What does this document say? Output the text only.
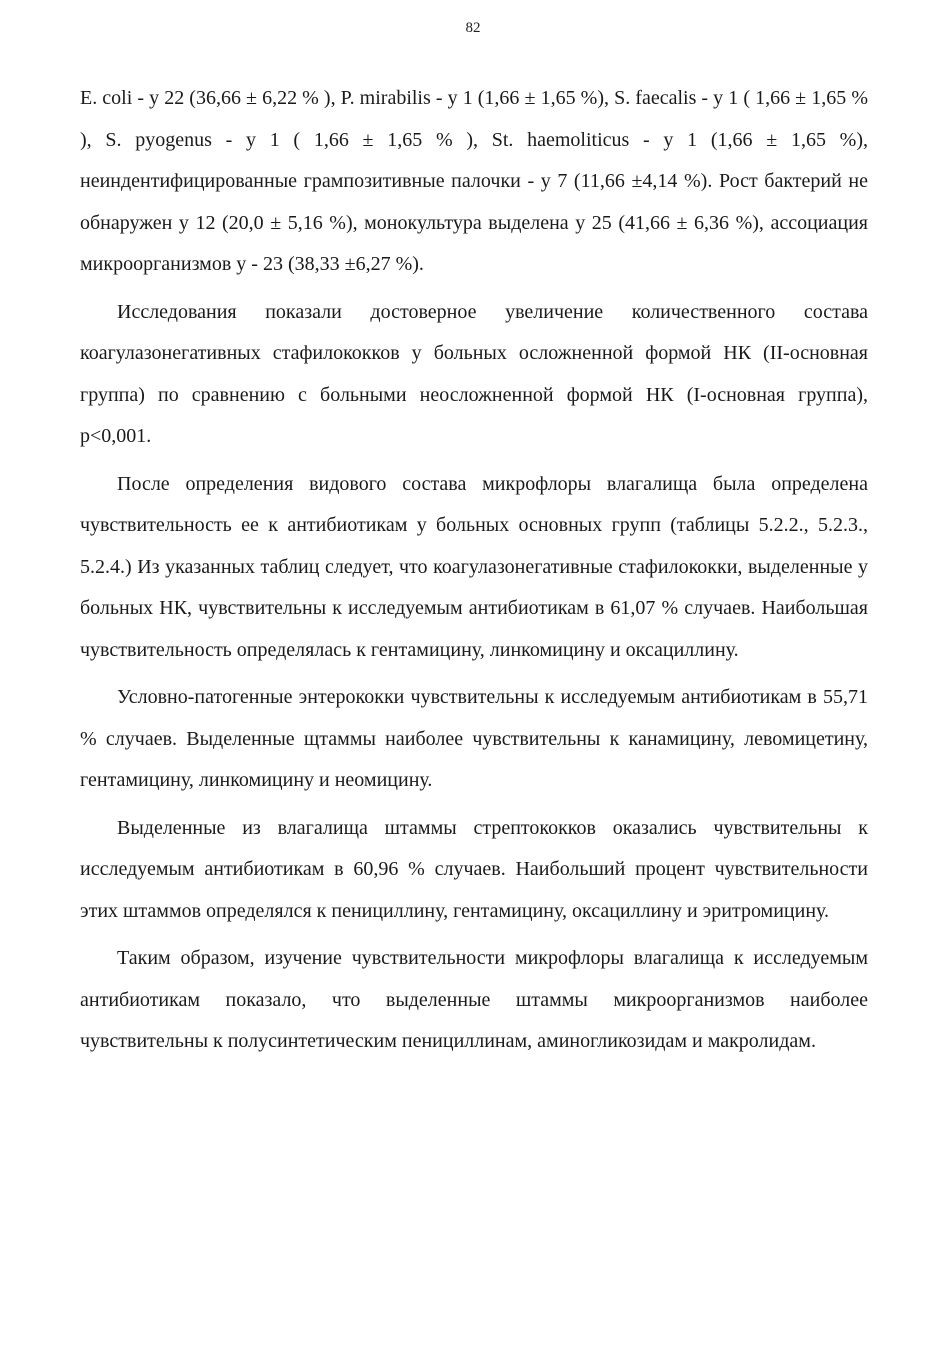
82

E. coli - у 22 (36,66 ± 6,22 % ), P. mirabilis - у 1 (1,66 ± 1,65 %), S. faecalis - у 1 ( 1,66 ± 1,65 % ), S. pyogenus - у 1 ( 1,66 ± 1,65 % ), St. haemoliticus - у 1 (1,66 ± 1,65 %), неиндентифицированные грампозитивные палочки - у 7 (11,66 ±4,14 %). Рост бактерий не обнаружен у 12 (20,0 ± 5,16 %), монокультура выделена у 25 (41,66 ± 6,36 %), ассоциация микроорганизмов у - 23 (38,33 ±6,27 %).

Исследования показали достоверное увеличение количественного состава коагулазонегативных стафилококков у больных осложненной формой НК (II-основная группа) по сравнению с больными неосложненной формой НК (I-основная группа), p<0,001.

После определения видового состава микрофлоры влагалища была определена чувствительность ее к антибиотикам у больных основных групп (таблицы 5.2.2., 5.2.3., 5.2.4.) Из указанных таблиц следует, что коагулазонегативные стафилококки, выделенные у больных НК, чувствительны к исследуемым антибиотикам в 61,07 % случаев. Наибольшая чувствительность определялась к гентамицину, линкомицину и оксациллину.

Условно-патогенные энтерококки чувствительны к исследуемым антибиотикам в 55,71 % случаев. Выделенные щтаммы наиболее чувствительны к канамицину, левомицетину, гентамицину, линкомицину и неомицину.

Выделенные из влагалища штаммы стрептококков оказались чувствительны к исследуемым антибиотикам в 60,96 % случаев. Наибольший процент чувствительности этих штаммов определялся к пенициллину, гентамицину, оксациллину и эритромицину.

Таким образом, изучение чувствительности микрофлоры влагалища к исследуемым антибиотикам показало, что выделенные штаммы микроорганизмов наиболее чувствительны к полусинтетическим пенициллинам, аминогликозидам и макролидам.
